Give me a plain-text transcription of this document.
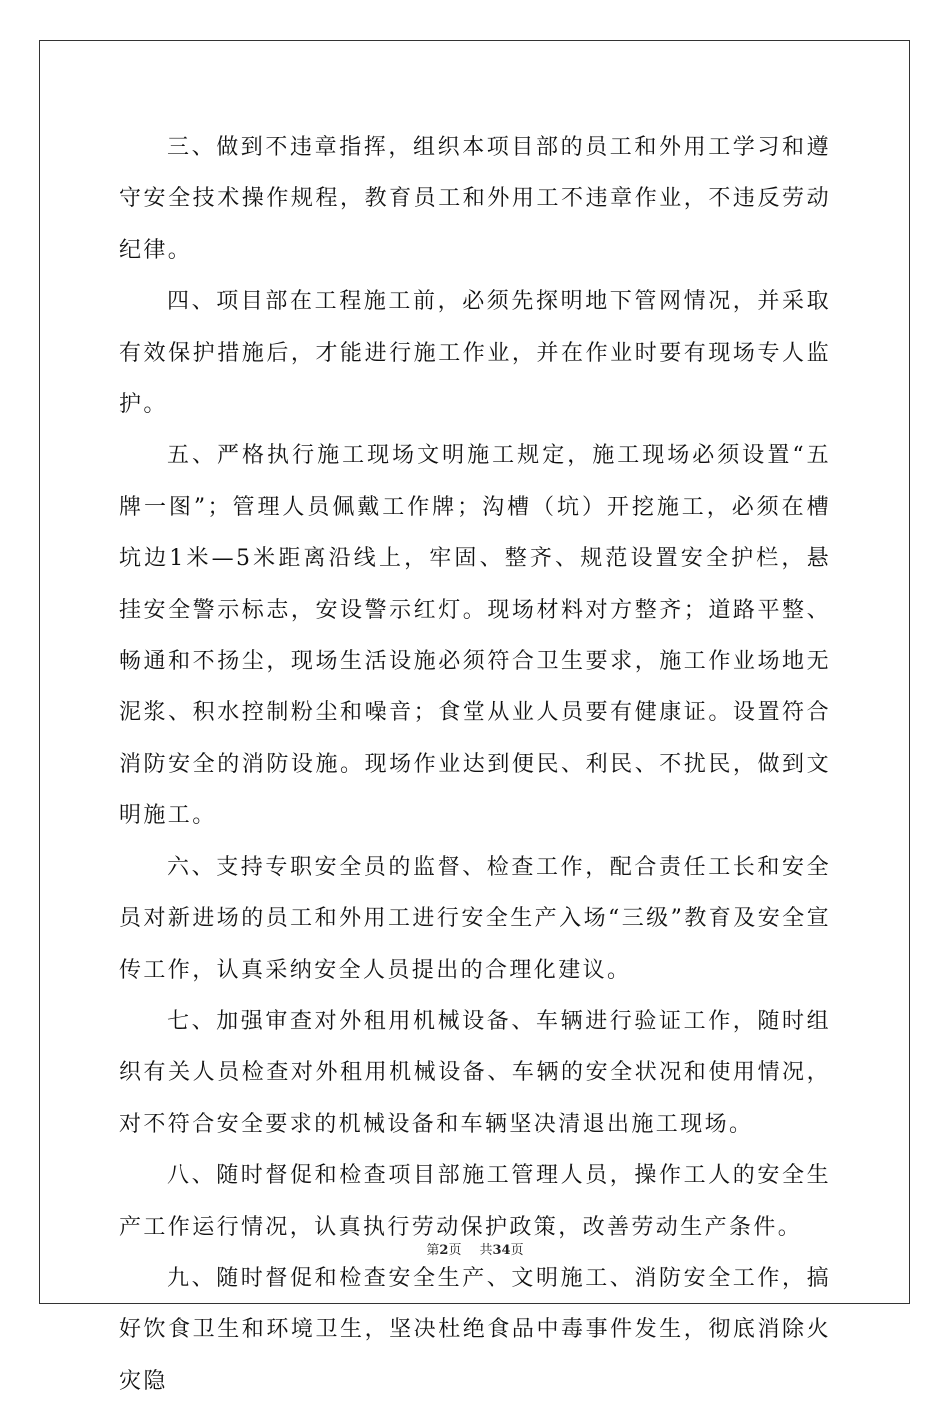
三、做到不违章指挥，组织本项目部的员工和外用工学习和遵守安全技术操作规程，教育员工和外用工不违章作业，不违反劳动纪律。

四、项目部在工程施工前，必须先探明地下管网情况，并采取有效保护措施后，才能进行施工作业，并在作业时要有现场专人监护。

五、严格执行施工现场文明施工规定，施工现场必须设置“五牌一图”；管理人员佩戴工作牌；沟槽（坑）开挖施工，必须在槽坑边1米—5米距离沿线上，牢固、整齐、规范设置安全护栏，悬挂安全警示标志，安设警示红灯。现场材料对方整齐；道路平整、畅通和不扬尘，现场生活设施必须符合卫生要求，施工作业场地无泥浆、积水控制粉尘和噪音；食堂从业人员要有健康证。设置符合消防安全的消防设施。现场作业达到便民、利民、不扰民，做到文明施工。

六、支持专职安全员的监督、检查工作，配合责任工长和安全员对新进场的员工和外用工进行安全生产入场“三级”教育及安全宣传工作，认真采纳安全人员提出的合理化建议。

七、加强审查对外租用机械设备、车辆进行验证工作，随时组织有关人员检查对外租用机械设备、车辆的安全状况和使用情况，对不符合安全要求的机械设备和车辆坚决清退出施工现场。

八、随时督促和检查项目部施工管理人员，操作工人的安全生产工作运行情况，认真执行劳动保护政策，改善劳动生产条件。

九、随时督促和检查安全生产、文明施工、消防安全工作，搞好饮食卫生和环境卫生，坚决杜绝食品中毒事件发生，彻底消除火灾隐

第2页 共34页
